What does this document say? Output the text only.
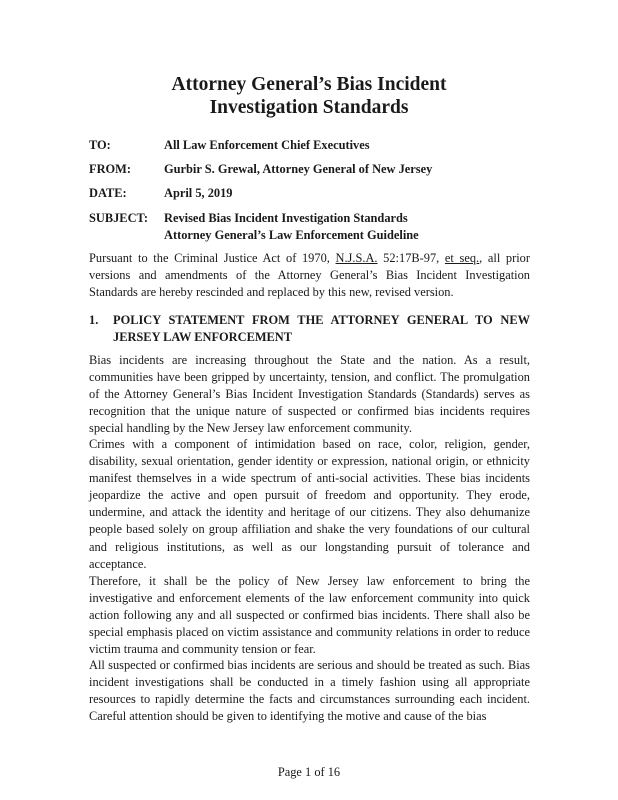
Attorney General’s Bias Incident
Investigation Standards
TO:	All Law Enforcement Chief Executives
FROM:	Gurbir S. Grewal, Attorney General of New Jersey
DATE:	April 5, 2019
SUBJECT: Revised Bias Incident Investigation Standards
Attorney General’s Law Enforcement Guideline

Pursuant to the Criminal Justice Act of 1970, N.J.S.A. 52:17B-97, et seq., all prior versions and amendments of the Attorney General’s Bias Incident Investigation Standards are hereby rescinded and replaced by this new, revised version.

1. POLICY STATEMENT FROM THE ATTORNEY GENERAL TO NEW JERSEY LAW ENFORCEMENT

Bias incidents are increasing throughout the State and the nation. As a result, communities have been gripped by uncertainty, tension, and conflict. The promulgation of the Attorney General’s Bias Incident Investigation Standards (Standards) serves as recognition that the unique nature of suspected or confirmed bias incidents requires special handling by the New Jersey law enforcement community.

Crimes with a component of intimidation based on race, color, religion, gender, disability, sexual orientation, gender identity or expression, national origin, or ethnicity manifest themselves in a wide spectrum of anti-social activities. These bias incidents jeopardize the active and open pursuit of freedom and opportunity. They erode, undermine, and attack the identity and heritage of our citizens. They also dehumanize people based solely on group affiliation and shake the very foundations of our cultural and religious institutions, as well as our longstanding pursuit of tolerance and acceptance.

Therefore, it shall be the policy of New Jersey law enforcement to bring the investigative and enforcement elements of the law enforcement community into quick action following any and all suspected or confirmed bias incidents. There shall also be special emphasis placed on victim assistance and community relations in order to reduce victim trauma and community tension or fear.

All suspected or confirmed bias incidents are serious and should be treated as such. Bias incident investigations shall be conducted in a timely fashion using all appropriate resources to rapidly determine the facts and circumstances surrounding each incident. Careful attention should be given to identifying the motive and cause of the bias

Page 1 of 16
